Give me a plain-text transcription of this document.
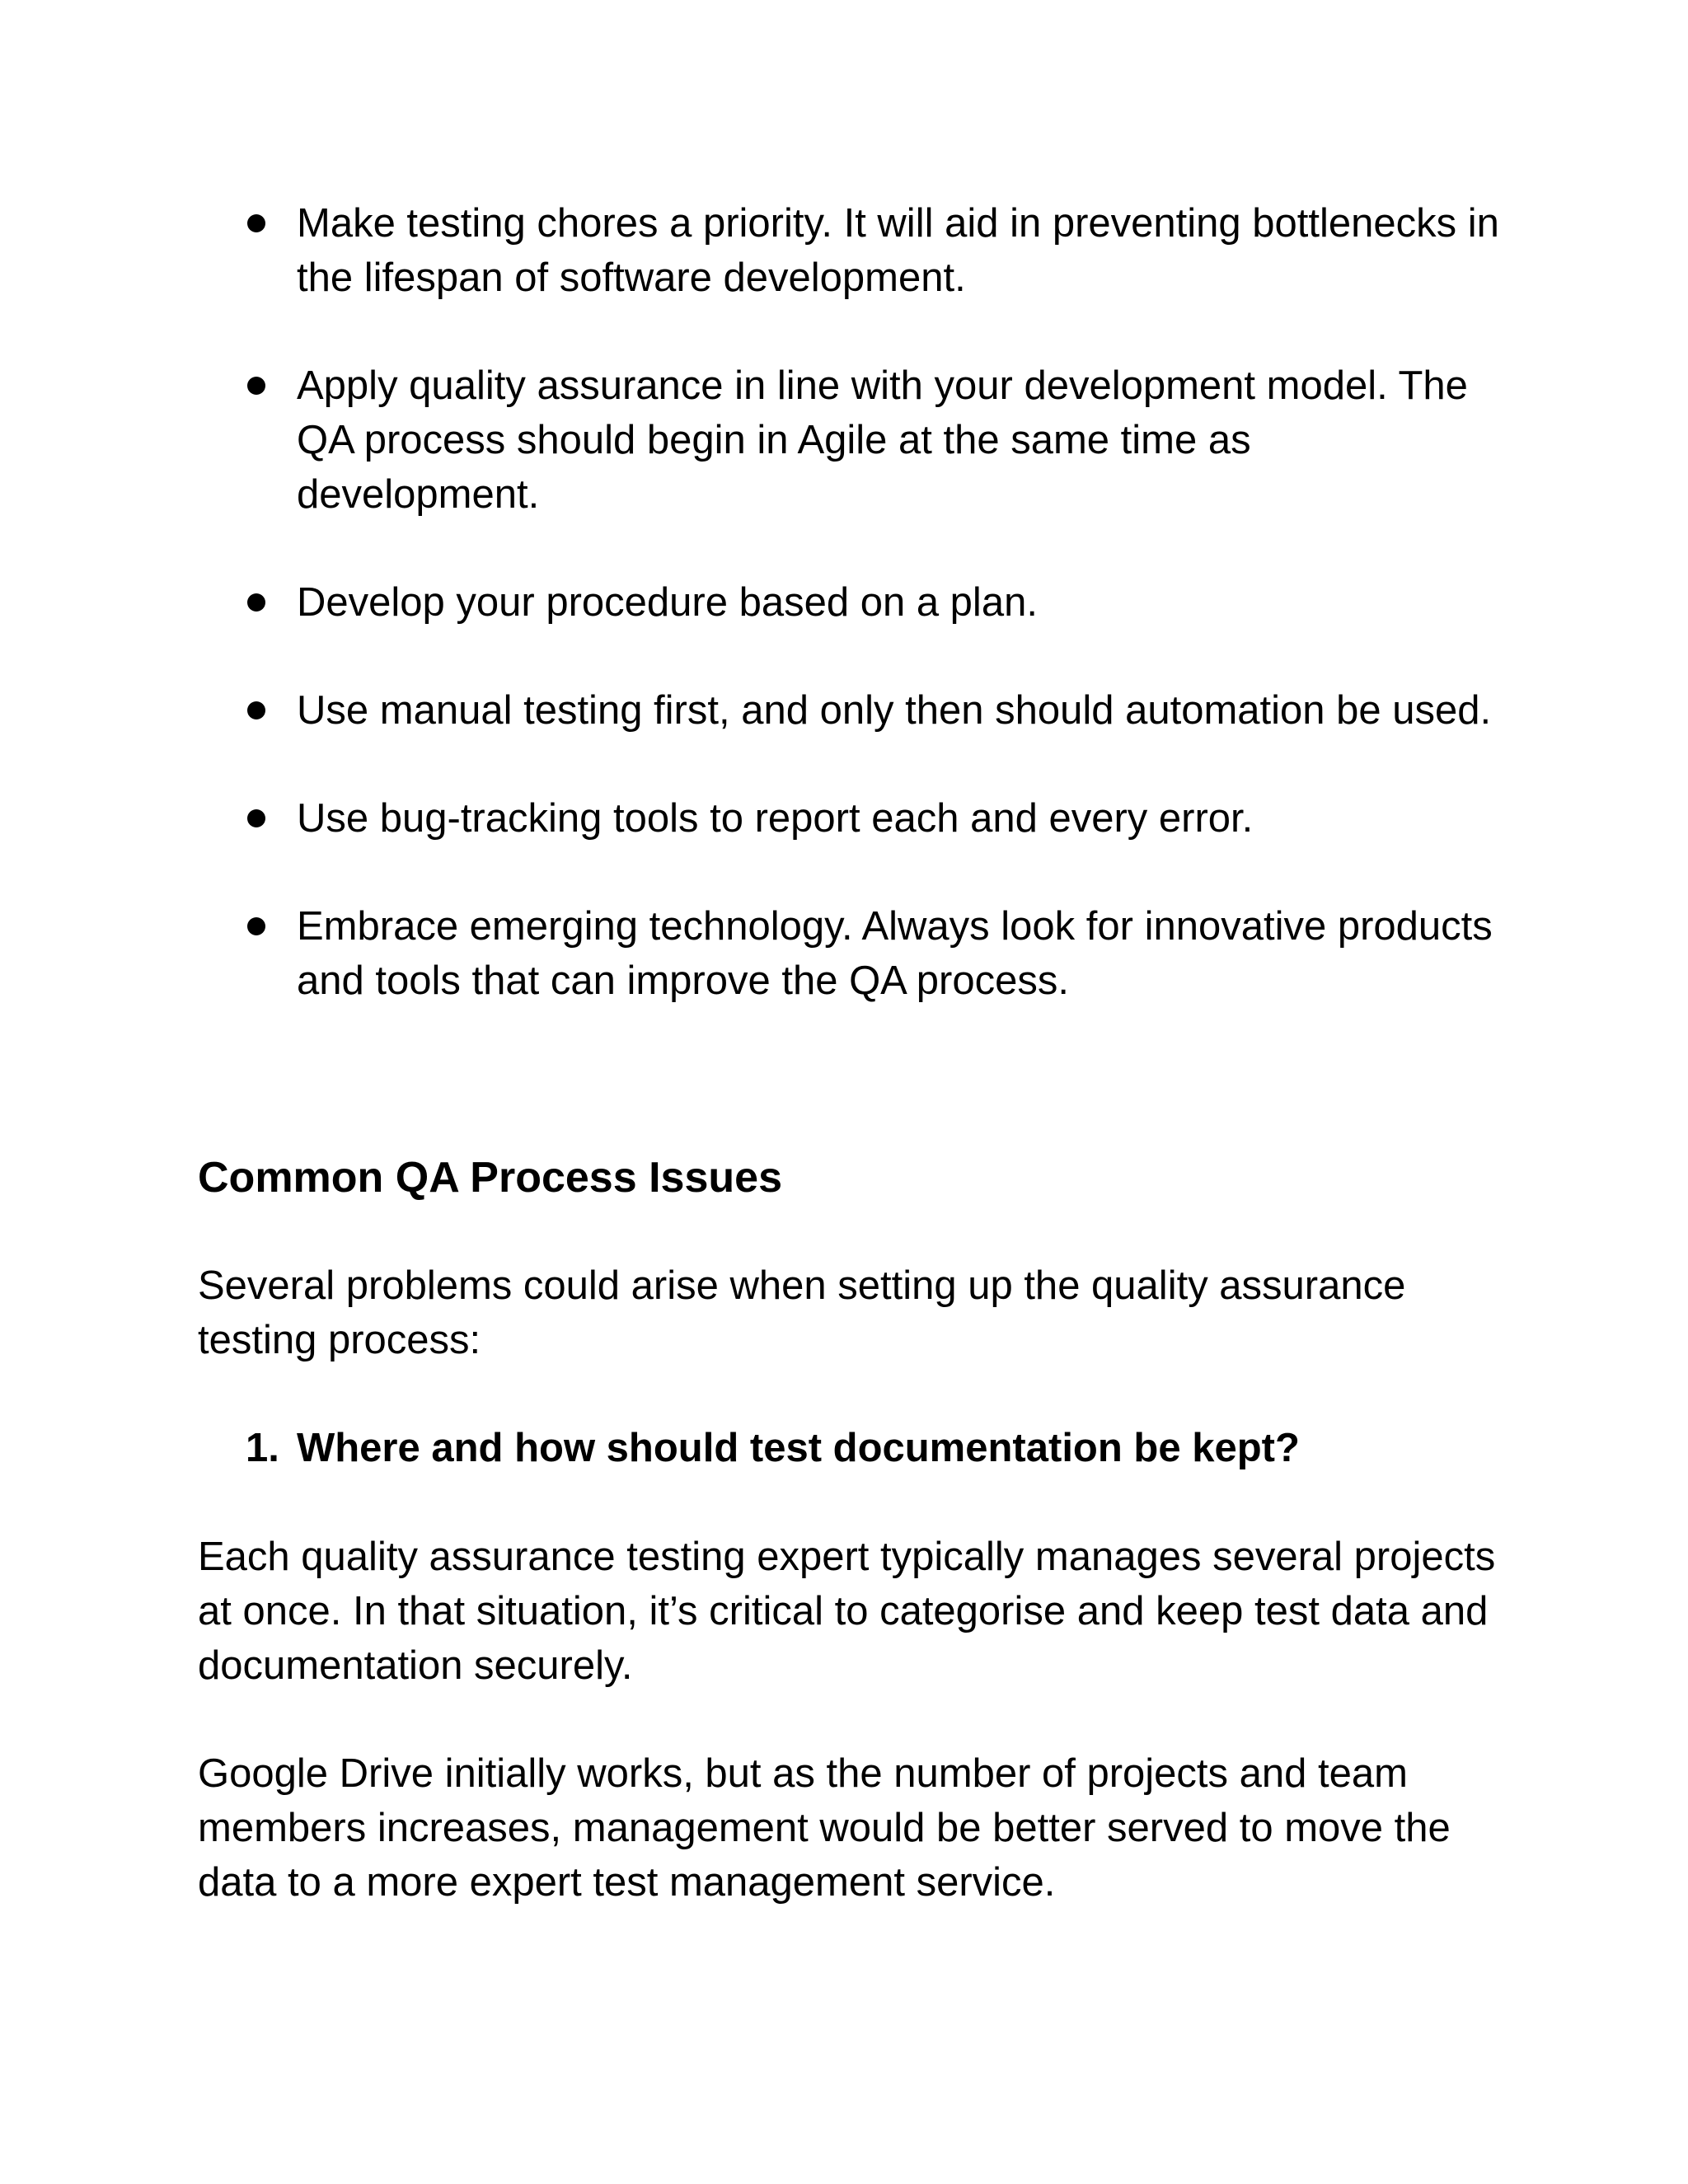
Make testing chores a priority. It will aid in preventing bottlenecks in the lifespan of software development.
Apply quality assurance in line with your development model. The QA process should begin in Agile at the same time as development.
Develop your procedure based on a plan.
Use manual testing first, and only then should automation be used.
Use bug-tracking tools to report each and every error.
Embrace emerging technology. Always look for innovative products and tools that can improve the QA process.
Common QA Process Issues

Several problems could arise when setting up the quality assurance testing process:

1. Where and how should test documentation be kept?

Each quality assurance testing expert typically manages several projects at once. In that situation, it’s critical to categorise and keep test data and documentation securely.

Google Drive initially works, but as the number of projects and team members increases, management would be better served to move the data to a more expert test management service.
